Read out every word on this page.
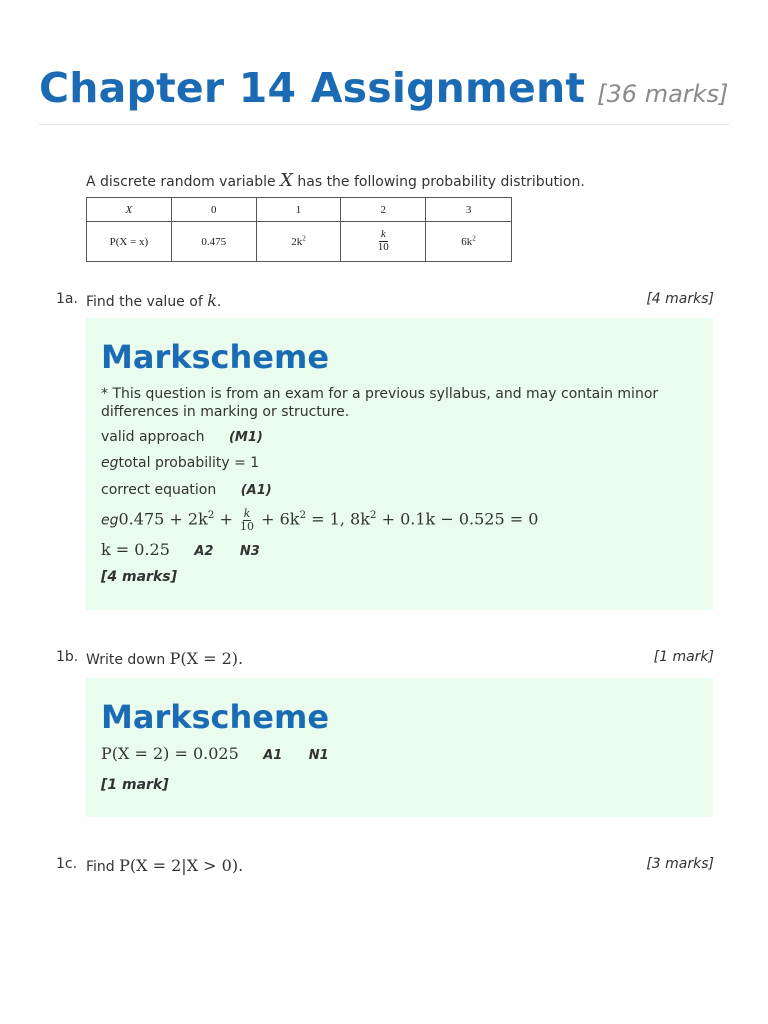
Chapter 14 Assignment [36 marks]
A discrete random variable X has the following probability distribution.
X	0	1	2	3
P(X = x)	0.475	$2k^2$	$\frac{k}{10}$	$6k^2$
1a. Find the value of k.	[4 marks]
Markscheme
* This question is from an exam for a previous syllabus, and may contain minor differences in marking or structure.
valid approach (M1)
egtotal probability = 1
correct equation (A1)
$eg0.475 + 2k^2 + \frac{k}{10} + 6k^2 = 1$, $8k^2 + 0.1k - 0.525 = 0$
k = 0.25 A2 N3
[4 marks]
1b. Write down P(X = 2).	[1 mark]
Markscheme
P(X = 2) = 0.025 A1 N1
[1 mark]
1c. Find P(X = 2|X > 0).	[3 marks]
